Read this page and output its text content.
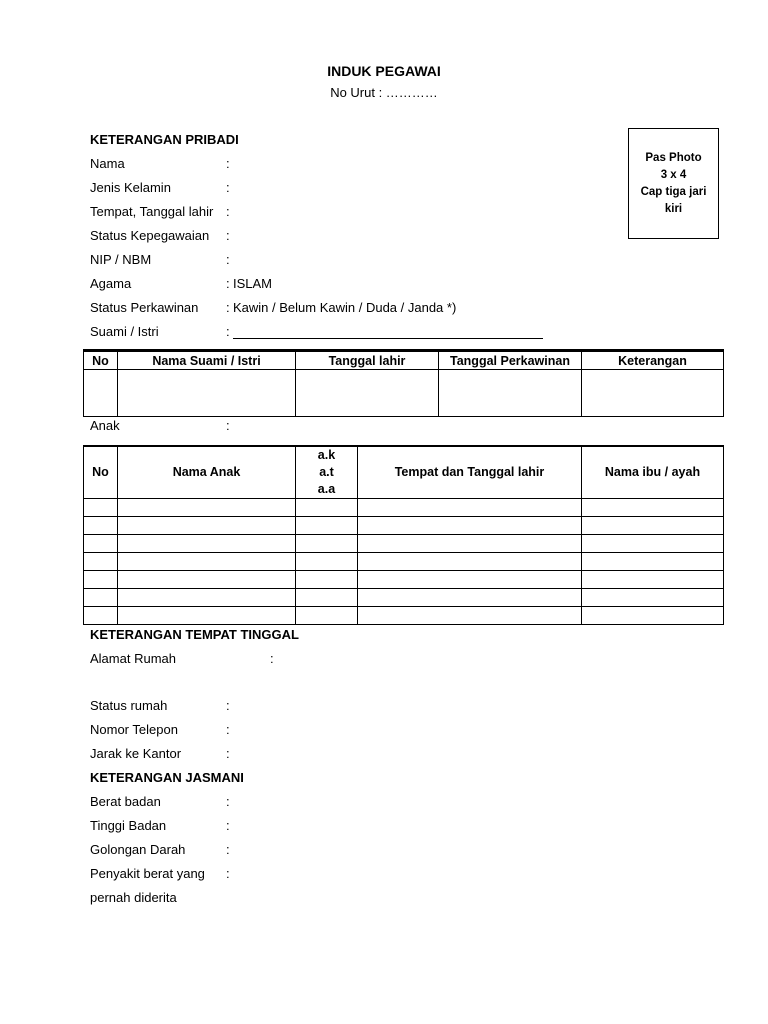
INDUK PEGAWAI
No Urut : …………
Pas Photo
3 x 4
Cap tiga jari
kiri
KETERANGAN PRIBADI
Nama	:
Jenis Kelamin	:
Tempat, Tanggal lahir :
Status Kepegawaian :
NIP / NBM	:
Agama	: ISLAM
Status Perkawinan : Kawin / Belum Kawin / Duda / Janda *)
Suami / Istri	:
No	Nama Suami / Istri	Tanggal lahir	Tanggal Perkawinan	Keterangan

Anak	:
No	Nama Anak	a.k
a.t
a.a	Tempat dan Tanggal lahir	Nama ibu / ayah

KETERANGAN TEMPAT TINGGAL
Alamat Rumah	:
Status rumah	:
Nomor Telepon	:
Jarak ke Kantor	:
KETERANGAN JASMANI
Berat badan	:
Tinggi Badan	:
Golongan Darah	:
Penyakit berat yang :
pernah diderita
